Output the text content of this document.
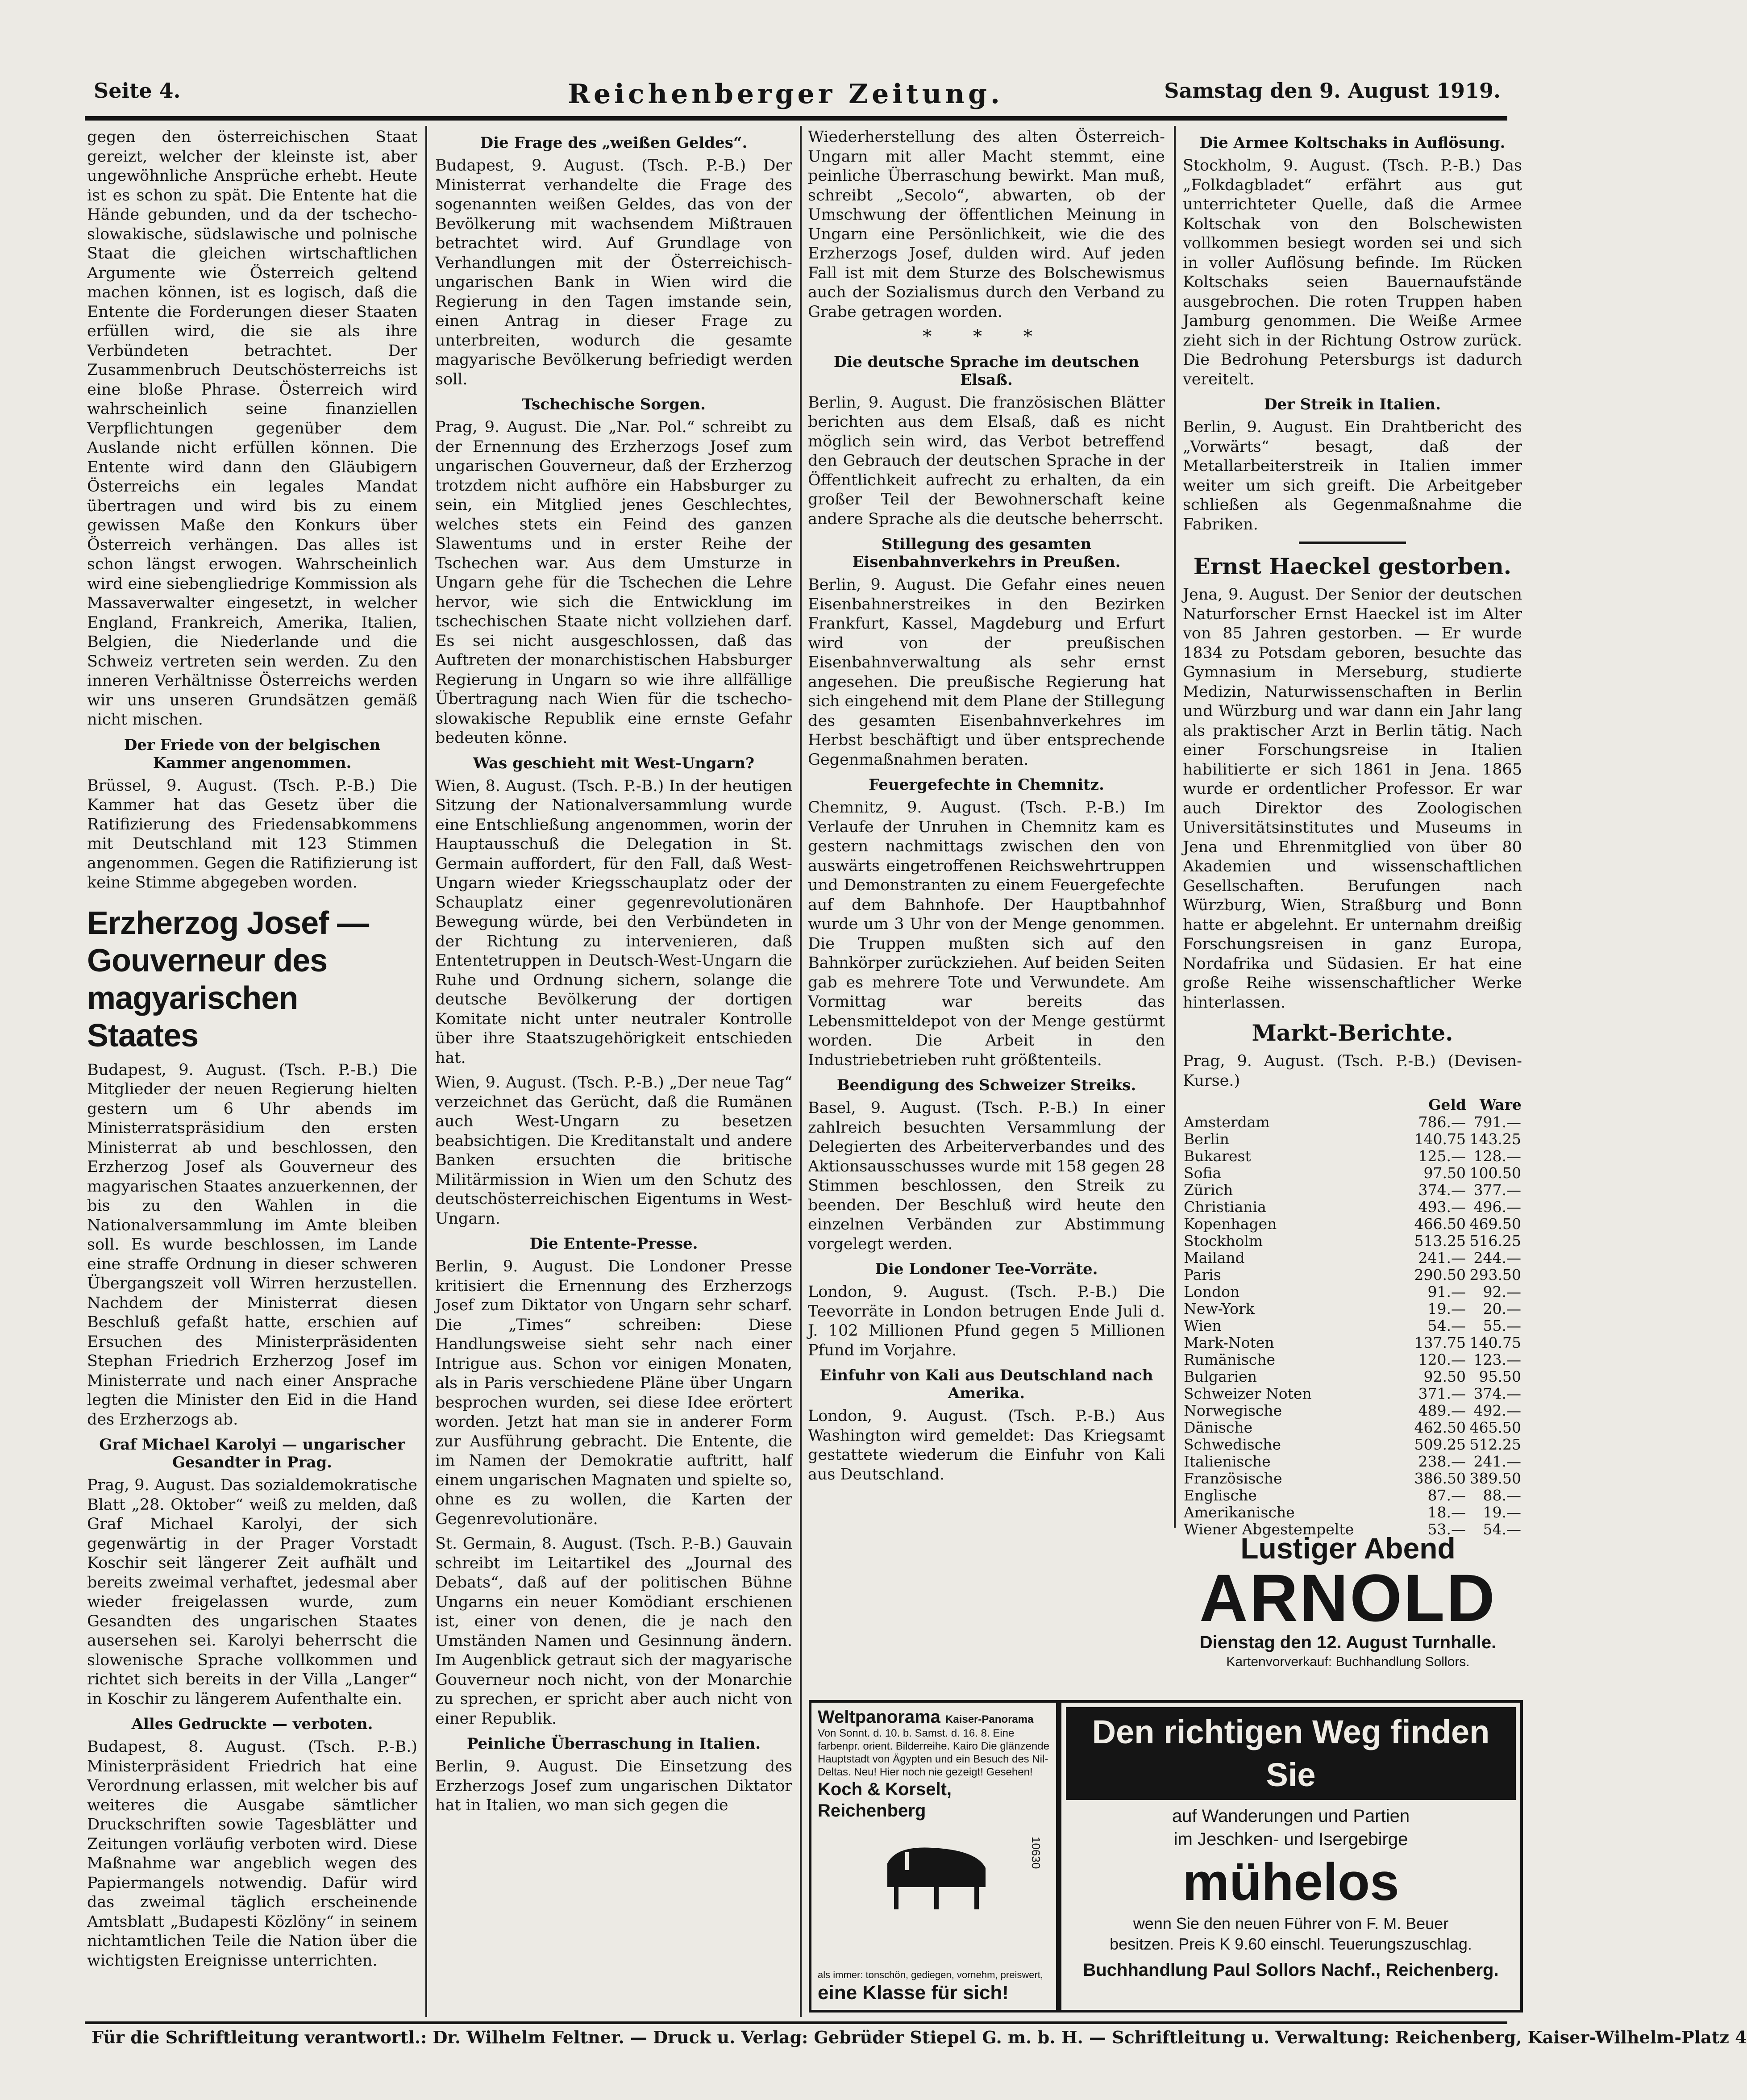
Seite 4.	Reichenberger Zeitung.	Samstag den 9. August 1919.

gegen den österreichischen Staat gereizt, welcher der kleinste ist, aber ungewöhnliche Ansprüche erhebt. Heute ist es schon zu spät. Die Entente hat die Hände gebunden, und da der tschecho-slowakische, südslawische und polnische Staat die gleichen wirtschaftlichen Argumente wie Österreich geltend machen können, ist es logisch, daß die Entente die Forderungen dieser Staaten erfüllen wird, die sie als ihre Verbündeten betrachtet. Der Zusammenbruch Deutschösterreichs ist eine bloße Phrase. Österreich wird wahrscheinlich seine finanziellen Verpflichtungen gegenüber dem Auslande nicht erfüllen können. Die Entente wird dann den Gläubigern Österreichs ein legales Mandat übertragen und wird bis zu einem gewissen Maße den Konkurs über Österreich verhängen. Das alles ist schon längst erwogen. Wahrscheinlich wird eine siebengliedrige Kommission als Massaverwalter eingesetzt, in welcher England, Frankreich, Amerika, Italien, Belgien, die Niederlande und die Schweiz vertreten sein werden. Zu den inneren Verhältnisse Österreichs werden wir uns unseren Grundsätzen gemäß nicht mischen.

Der Friede von der belgischen Kammer angenommen.

Brüssel, 9. August. (Tsch. P.-B.) Die Kammer hat das Gesetz über die Ratifizierung des Friedensabkommens mit Deutschland mit 123 Stimmen angenommen. Gegen die Ratifizierung ist keine Stimme abgegeben worden.

Erzherzog Josef — Gouverneur des magyarischen Staates

Budapest, 9. August. (Tsch. P.-B.) Die Mitglieder der neuen Regierung hielten gestern um 6 Uhr abends im Ministerratspräsidium den ersten Ministerrat ab und beschlossen, den Erzherzog Josef als Gouverneur des magyarischen Staates anzuerkennen, der bis zu den Wahlen in die Nationalversammlung im Amte bleiben soll. Es wurde beschlossen, im Lande eine straffe Ordnung in dieser schweren Übergangszeit voll Wirren herzustellen. Nachdem der Ministerrat diesen Beschluß gefaßt hatte, erschien auf Ersuchen des Ministerpräsidenten Stephan Friedrich Erzherzog Josef im Ministerrate und nach einer Ansprache legten die Minister den Eid in die Hand des Erzherzogs ab.

Graf Michael Karolyi — ungarischer Gesandter in Prag.

Prag, 9. August. Das sozialdemokratische Blatt „28. Oktober“ weiß zu melden, daß Graf Michael Karolyi, der sich gegenwärtig in der Prager Vorstadt Koschir seit längerer Zeit aufhält und bereits zweimal verhaftet, jedesmal aber wieder freigelassen wurde, zum Gesandten des ungarischen Staates ausersehen sei. Karolyi beherrscht die slowenische Sprache vollkommen und richtet sich bereits in der Villa „Langer“ in Koschir zu längerem Aufenthalte ein.

Alles Gedruckte — verboten.

Budapest, 8. August. (Tsch. P.-B.) Ministerpräsident Friedrich hat eine Verordnung erlassen, mit welcher bis auf weiteres die Ausgabe sämtlicher Druckschriften sowie Tagesblätter und Zeitungen vorläufig verboten wird. Diese Maßnahme war angeblich wegen des Papiermangels notwendig. Dafür wird das zweimal täglich erscheinende Amtsblatt „Budapesti Közlöny“ in seinem nichtamtlichen Teile die Nation über die wichtigsten Ereignisse unterrichten.

Die Frage des „weißen Geldes“.

Budapest, 9. August. (Tsch. P.-B.) Der Ministerrat verhandelte die Frage des sogenannten weißen Geldes, das von der Bevölkerung mit wachsendem Mißtrauen betrachtet wird. Auf Grundlage von Verhandlungen mit der Österreichisch-ungarischen Bank in Wien wird die Regierung in den Tagen imstande sein, einen Antrag in dieser Frage zu unterbreiten, wodurch die gesamte magyarische Bevölkerung befriedigt werden soll.

Tschechische Sorgen.

Prag, 9. August. Die „Nar. Pol.“ schreibt zu der Ernennung des Erzherzogs Josef zum ungarischen Gouverneur, daß der Erzherzog trotzdem nicht aufhöre ein Habsburger zu sein, ein Mitglied jenes Geschlechtes, welches stets ein Feind des ganzen Slawentums und in erster Reihe der Tschechen war. Aus dem Umsturze in Ungarn gehe für die Tschechen die Lehre hervor, wie sich die Entwicklung im tschechischen Staate nicht vollziehen darf. Es sei nicht ausgeschlossen, daß das Auftreten der monarchistischen Habsburger Regierung in Ungarn so wie ihre allfällige Übertragung nach Wien für die tschecho-slowakische Republik eine ernste Gefahr bedeuten könne.

Was geschieht mit West-Ungarn?

Wien, 8. August. (Tsch. P.-B.) In der heutigen Sitzung der Nationalversammlung wurde eine Entschließung angenommen, worin der Hauptausschuß die Delegation in St. Germain auffordert, für den Fall, daß West-Ungarn wieder Kriegsschauplatz oder der Schauplatz einer gegenrevolutionären Bewegung würde, bei den Verbündeten in der Richtung zu intervenieren, daß Ententetruppen in Deutsch-West-Ungarn die Ruhe und Ordnung sichern, solange die deutsche Bevölkerung der dortigen Komitate nicht unter neutraler Kontrolle über ihre Staatszugehörigkeit entschieden hat.

Wien, 9. August. (Tsch. P.-B.) „Der neue Tag“ verzeichnet das Gerücht, daß die Rumänen auch West-Ungarn zu besetzen beabsichtigen. Die Kreditanstalt und andere Banken ersuchten die britische Militärmission in Wien um den Schutz des deutschösterreichischen Eigentums in West-Ungarn.

Die Entente-Presse.

Berlin, 9. August. Die Londoner Presse kritisiert die Ernennung des Erzherzogs Josef zum Diktator von Ungarn sehr scharf. Die „Times“ schreiben: Diese Handlungsweise sieht sehr nach einer Intrigue aus. Schon vor einigen Monaten, als in Paris verschiedene Pläne über Ungarn besprochen wurden, sei diese Idee erörtert worden. Jetzt hat man sie in anderer Form zur Ausführung gebracht. Die Entente, die im Namen der Demokratie auftritt, half einem ungarischen Magnaten und spielte so, ohne es zu wollen, die Karten der Gegenrevolutionäre.

St. Germain, 8. August. (Tsch. P.-B.) Gauvain schreibt im Leitartikel des „Journal des Debats“, daß auf der politischen Bühne Ungarns ein neuer Komödiant erschienen ist, einer von denen, die je nach den Umständen Namen und Gesinnung ändern. Im Augenblick getraut sich der magyarische Gouverneur noch nicht, von der Monarchie zu sprechen, er spricht aber auch nicht von einer Republik.

Peinliche Überraschung in Italien.

Berlin, 9. August. Die Einsetzung des Erzherzogs Josef zum ungarischen Diktator hat in Italien, wo man sich gegen die

Wiederherstellung des alten Österreich-Ungarn mit aller Macht stemmt, eine peinliche Überraschung bewirkt. Man muß, schreibt „Secolo“, abwarten, ob der Umschwung der öffentlichen Meinung in Ungarn eine Persönlichkeit, wie die des Erzherzogs Josef, dulden wird. Auf jeden Fall ist mit dem Sturze des Bolschewismus auch der Sozialismus durch den Verband zu Grabe getragen worden.

* * *
Die deutsche Sprache im deutschen Elsaß.

Berlin, 9. August. Die französischen Blätter berichten aus dem Elsaß, daß es nicht möglich sein wird, das Verbot betreffend den Gebrauch der deutschen Sprache in der Öffentlichkeit aufrecht zu erhalten, da ein großer Teil der Bewohnerschaft keine andere Sprache als die deutsche beherrscht.

Stillegung des gesamten Eisenbahnverkehrs in Preußen.

Berlin, 9. August. Die Gefahr eines neuen Eisenbahnerstreikes in den Bezirken Frankfurt, Kassel, Magdeburg und Erfurt wird von der preußischen Eisenbahnverwaltung als sehr ernst angesehen. Die preußische Regierung hat sich eingehend mit dem Plane der Stillegung des gesamten Eisenbahnverkehres im Herbst beschäftigt und über entsprechende Gegenmaßnahmen beraten.

Feuergefechte in Chemnitz.

Chemnitz, 9. August. (Tsch. P.-B.) Im Verlaufe der Unruhen in Chemnitz kam es gestern nachmittags zwischen den von auswärts eingetroffenen Reichswehrtruppen und Demonstranten zu einem Feuergefechte auf dem Bahnhofe. Der Hauptbahnhof wurde um 3 Uhr von der Menge genommen. Die Truppen mußten sich auf den Bahnkörper zurückziehen. Auf beiden Seiten gab es mehrere Tote und Verwundete. Am Vormittag war bereits das Lebensmitteldepot von der Menge gestürmt worden. Die Arbeit in den Industriebetrieben ruht größtenteils.

Beendigung des Schweizer Streiks.

Basel, 9. August. (Tsch. P.-B.) In einer zahlreich besuchten Versammlung der Delegierten des Arbeiterverbandes und des Aktionsausschusses wurde mit 158 gegen 28 Stimmen beschlossen, den Streik zu beenden. Der Beschluß wird heute den einzelnen Verbänden zur Abstimmung vorgelegt werden.

Die Londoner Tee-Vorräte.

London, 9. August. (Tsch. P.-B.) Die Teevorräte in London betrugen Ende Juli d. J. 102 Millionen Pfund gegen 5 Millionen Pfund im Vorjahre.

Einfuhr von Kali aus Deutschland nach Amerika.

London, 9. August. (Tsch. P.-B.) Aus Washington wird gemeldet: Das Kriegsamt gestattete wiederum die Einfuhr von Kali aus Deutschland.

Die Armee Koltschaks in Auflösung.

Stockholm, 9. August. (Tsch. P.-B.) Das „Folkdagbladet“ erfährt aus gut unterrichteter Quelle, daß die Armee Koltschak von den Bolschewisten vollkommen besiegt worden sei und sich in voller Auflösung befinde. Im Rücken Koltschaks seien Bauernaufstände ausgebrochen. Die roten Truppen haben Jamburg genommen. Die Weiße Armee zieht sich in der Richtung Ostrow zurück. Die Bedrohung Petersburgs ist dadurch vereitelt.

Der Streik in Italien.

Berlin, 9. August. Ein Drahtbericht des „Vorwärts“ besagt, daß der Metallarbeiterstreik in Italien immer weiter um sich greift. Die Arbeitgeber schließen als Gegenmaßnahme die Fabriken.

Ernst Haeckel gestorben.

Jena, 9. August. Der Senior der deutschen Naturforscher Ernst Haeckel ist im Alter von 85 Jahren gestorben. — Er wurde 1834 zu Potsdam geboren, besuchte das Gymnasium in Merseburg, studierte Medizin, Naturwissenschaften in Berlin und Würzburg und war dann ein Jahr lang als praktischer Arzt in Berlin tätig. Nach einer Forschungsreise in Italien habilitierte er sich 1861 in Jena. 1865 wurde er ordentlicher Professor. Er war auch Direktor des Zoologischen Universitätsinstitutes und Museums in Jena und Ehrenmitglied von über 80 Akademien und wissenschaftlichen Gesellschaften. Berufungen nach Würzburg, Wien, Straßburg und Bonn hatte er abgelehnt. Er unternahm dreißig Forschungsreisen in ganz Europa, Nordafrika und Südasien. Er hat eine große Reihe wissenschaftlicher Werke hinterlassen.

Markt-Berichte.

Prag, 9. August. (Tsch. P.-B.) (Devisen-Kurse.)

	Geld	Ware
Amsterdam	786.—	791.—
Berlin	140.75	143.25
Bukarest	125.—	128.—
Sofia	97.50	100.50
Zürich	374.—	377.—
Christiania	493.—	496.—
Kopenhagen	466.50	469.50
Stockholm	513.25	516.25
Mailand	241.—	244.—
Paris	290.50	293.50
London	91.—	92.—
New-York	19.—	20.—
Wien	54.—	55.—
Mark-Noten	137.75	140.75
Rumänische	120.—	123.—
Bulgarien	92.50	95.50
Schweizer Noten	371.—	374.—
Norwegische	489.—	492.—
Dänische	462.50	465.50
Schwedische	509.25	512.25
Italienische	238.—	241.—
Französische	386.50	389.50
Englische	87.—	88.—
Amerikanische	18.—	19.—
Wiener Abgestempelte	53.—	54.—
Lustiger Abend
ARNOLD
Dienstag den 12. August Turnhalle.
Kartenvorverkauf: Buchhandlung Sollors.
Weltpanorama Kaiser-Panorama
Von Sonnt. d. 10. b. Samst. d. 16. 8. Eine farbenpr. orient. Bilderreihe. Kairo Die glänzende Hauptstadt von Ägypten und ein Besuch des Nil-Deltas. Neu! Hier noch nie gezeigt! Gesehen!
Koch & Korselt, Reichenberg
10630
als immer: tonschön, gediegen, vornehm, preiswert,
eine Klasse für sich!
Den richtigen Weg finden Sie
auf Wanderungen und Partien
im Jeschken- und Isergebirge
mühelos
wenn Sie den neuen Führer von F. M. Beuer
besitzen. Preis K 9.60 einschl. Teuerungszuschlag.
Buchhandlung Paul Sollors Nachf., Reichenberg.
Für die Schriftleitung verantwortl.: Dr. Wilhelm Feltner. — Druck u. Verlag: Gebrüder Stiepel G. m. b. H. — Schriftleitung u. Verwaltung: Reichenberg, Kaiser-Wilhelm-Platz 4
